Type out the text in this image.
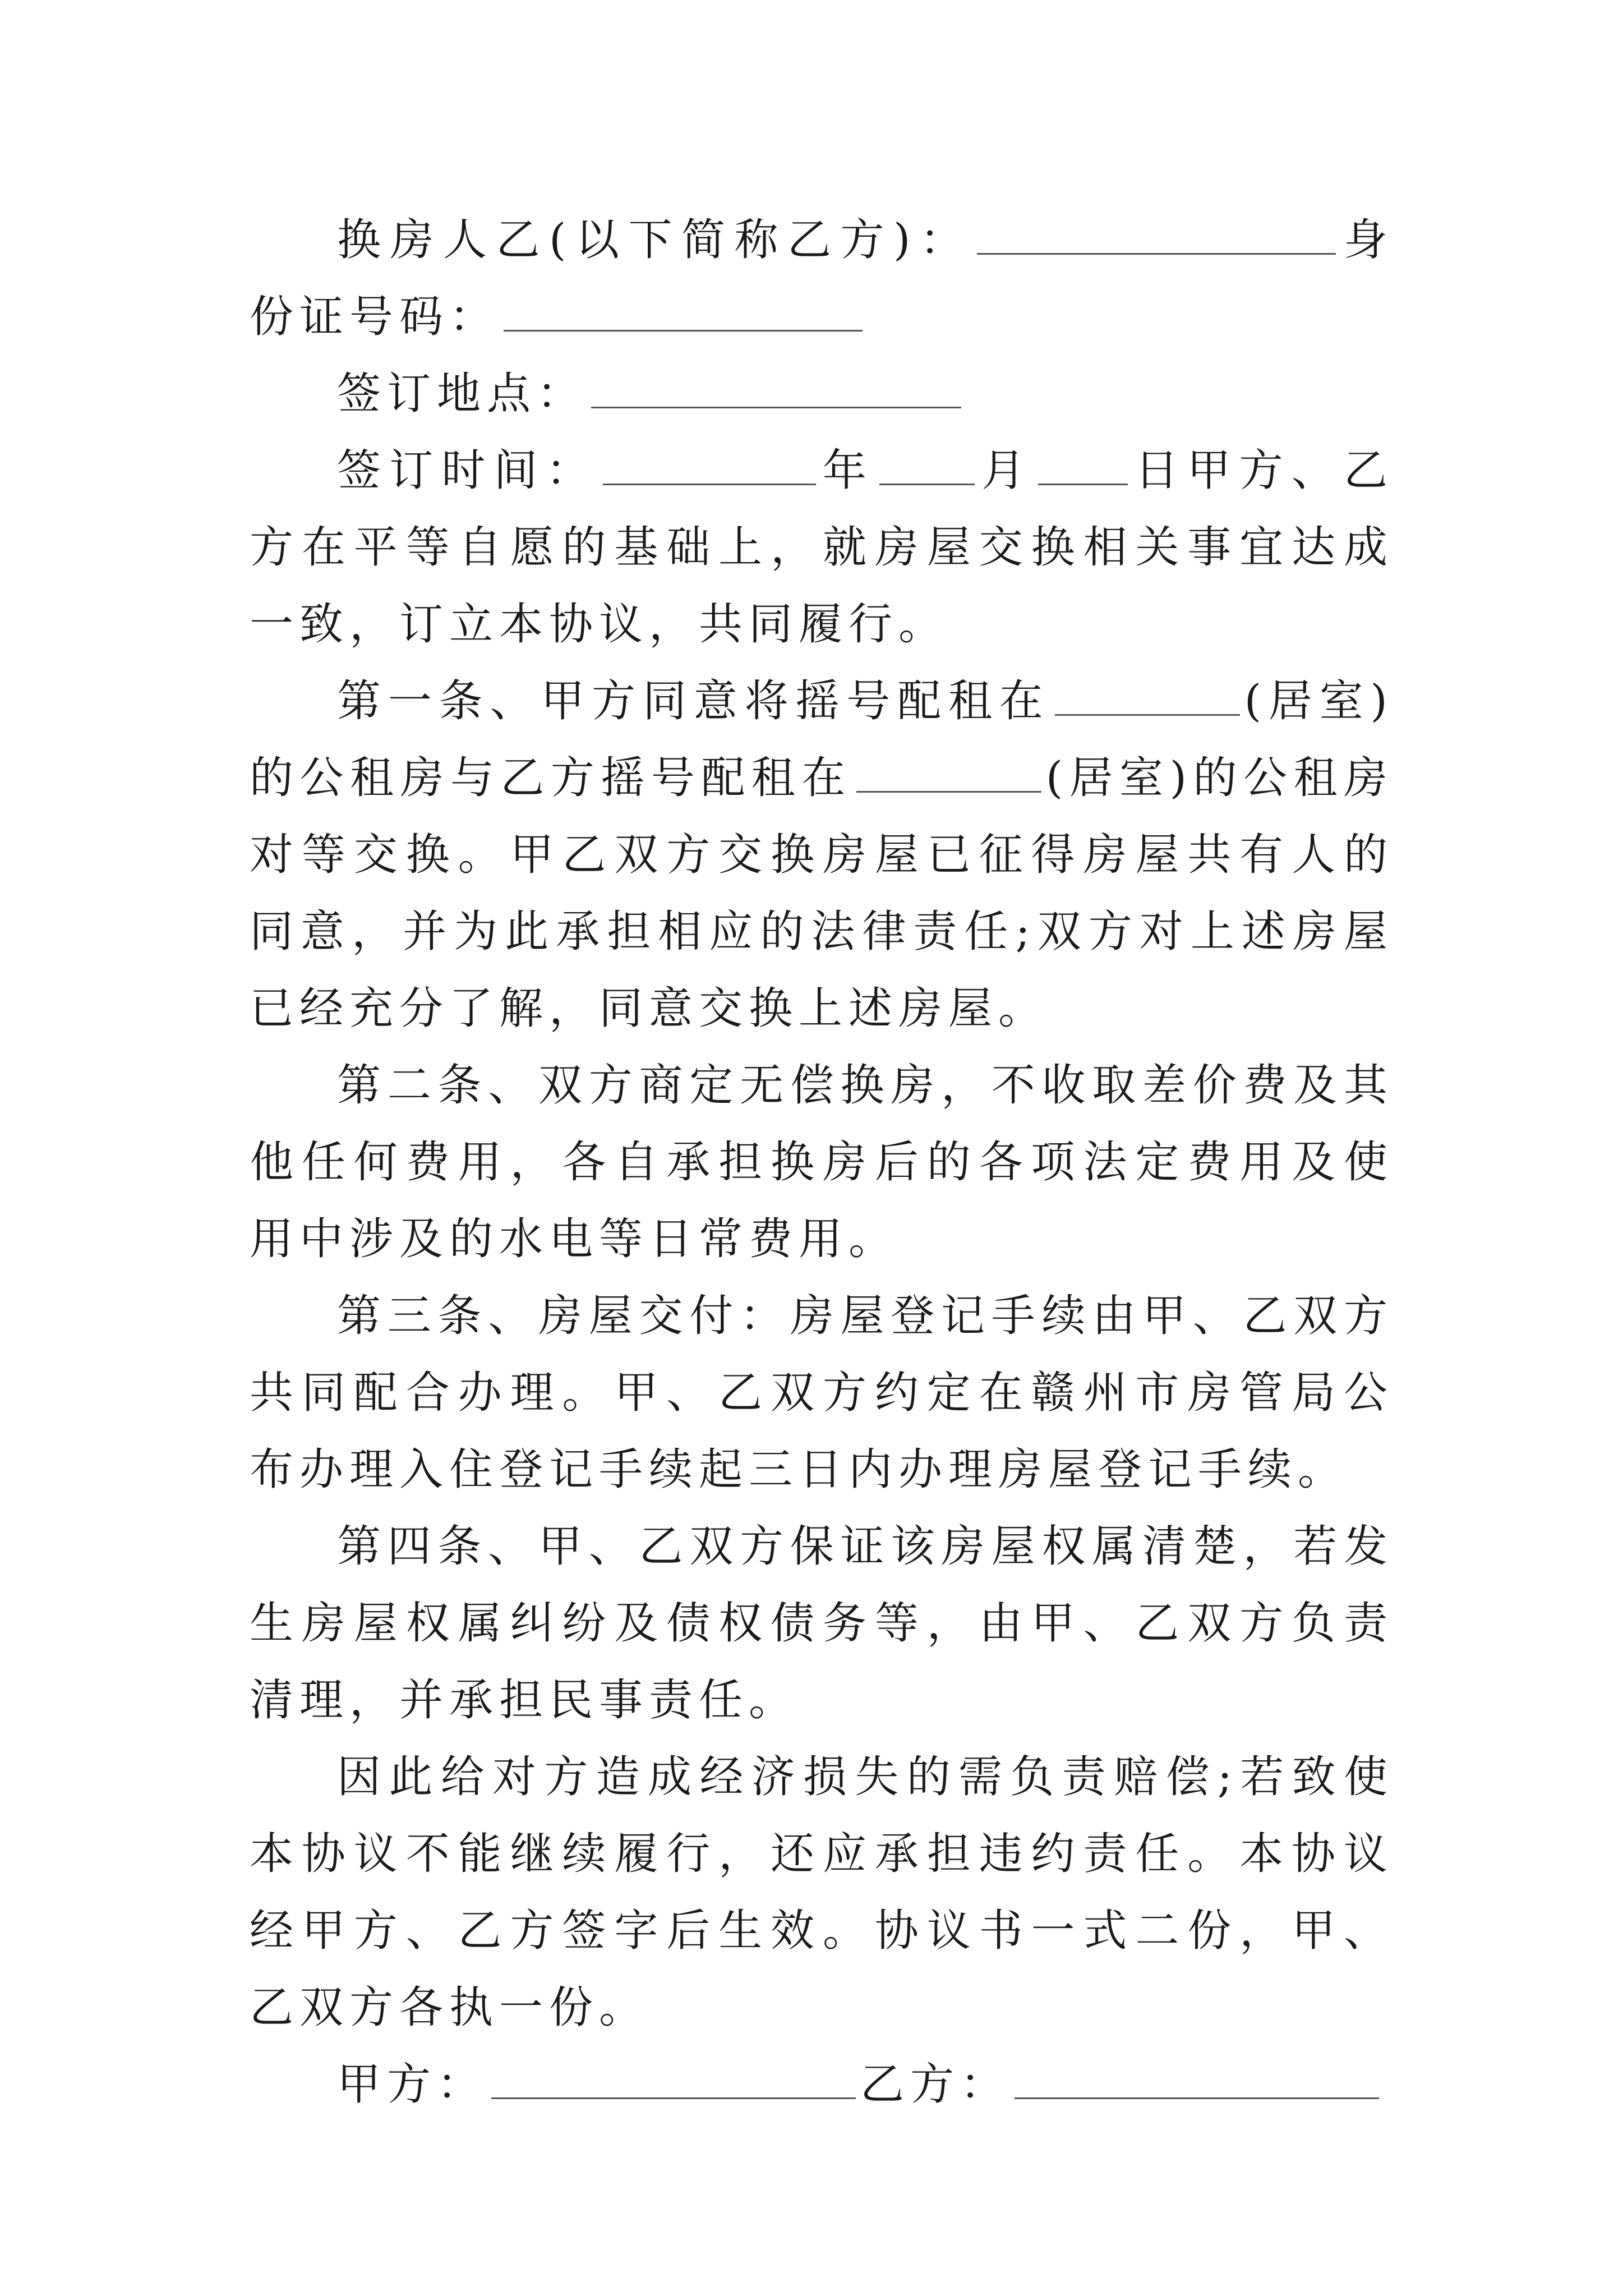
换房人乙(以下简称乙方)：	身份证号码：

签订地点：

签订时间：	年 月 日甲方、乙方在平等自愿的基础上，就房屋交换相关事宜达成一致，订立本协议，共同履行。

第一条、甲方同意将摇号配租在	(居室)的公租房与乙方摇号配租在	(居室)的公租房对等交换。甲乙双方交换房屋已征得房屋共有人的同意，并为此承担相应的法律责任;双方对上述房屋已经充分了解，同意交换上述房屋。

第二条、双方商定无偿换房，不收取差价费及其他任何费用，各自承担换房后的各项法定费用及使用中涉及的水电等日常费用。

第三条、房屋交付：房屋登记手续由甲、乙双方共同配合办理。甲、乙双方约定在赣州市房管局公布办理入住登记手续起三日内办理房屋登记手续。

第四条、甲、乙双方保证该房屋权属清楚，若发生房屋权属纠纷及债权债务等，由甲、乙双方负责清理，并承担民事责任。

因此给对方造成经济损失的需负责赔偿;若致使本协议不能继续履行，还应承担违约责任。本协议经甲方、乙方签字后生效。协议书一式二份，甲、乙双方各执一份。

甲方：	乙方：
